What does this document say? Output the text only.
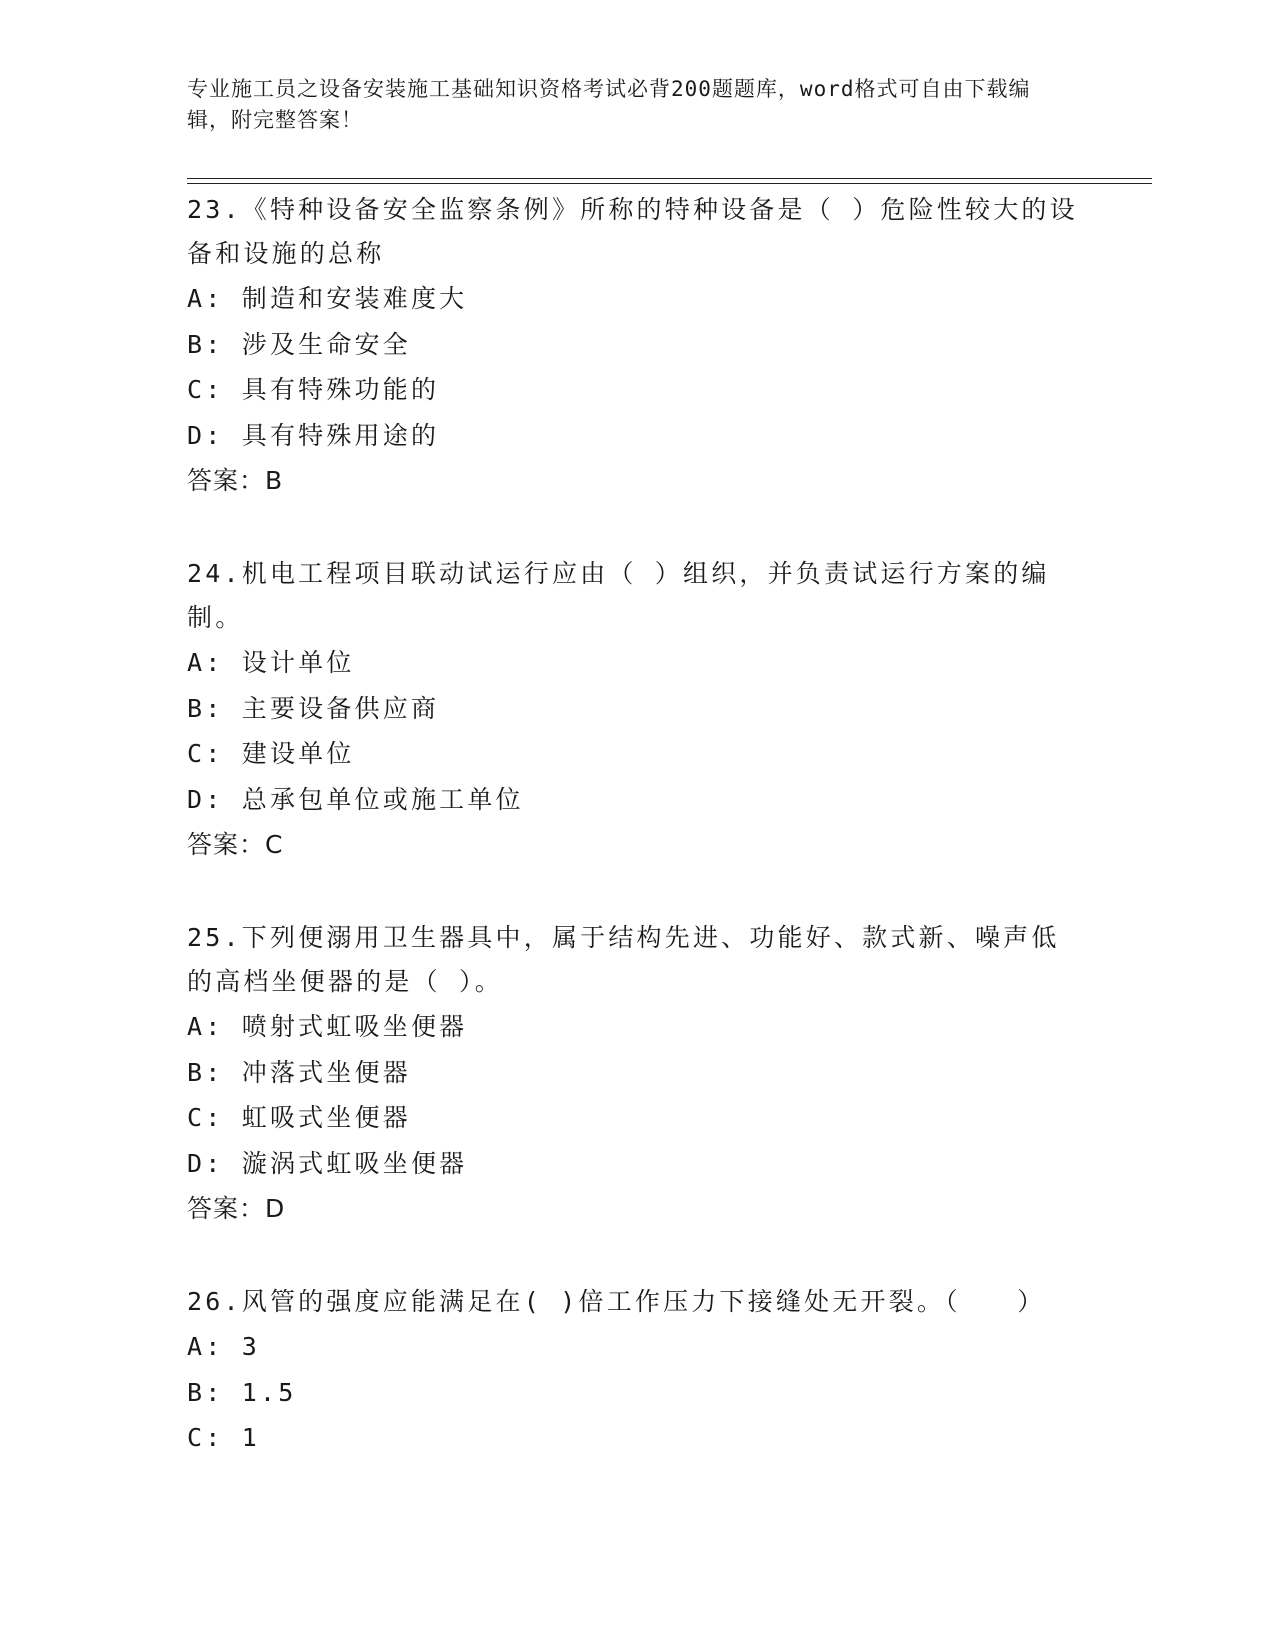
专业施工员之设备安装施工基础知识资格考试必背200题题库，word格式可自由下载编辑，附完整答案！

23.《特种设备安全监察条例》所称的特种设备是（ ）危险性较大的设备和设施的总称

A: 制造和安装难度大

B: 涉及生命安全

C: 具有特殊功能的

D: 具有特殊用途的

答案：B

24.机电工程项目联动试运行应由（ ）组织，并负责试运行方案的编制。

A: 设计单位

B: 主要设备供应商

C: 建设单位

D: 总承包单位或施工单位

答案：C

25.下列便溺用卫生器具中，属于结构先进、功能好、款式新、噪声低的高档坐便器的是（ ）。

A: 喷射式虹吸坐便器

B: 冲落式坐便器

C: 虹吸式坐便器

D: 漩涡式虹吸坐便器

答案：D

26.风管的强度应能满足在( )倍工作压力下接缝处无开裂。（　　）

A: 3

B: 1.5

C: 1
